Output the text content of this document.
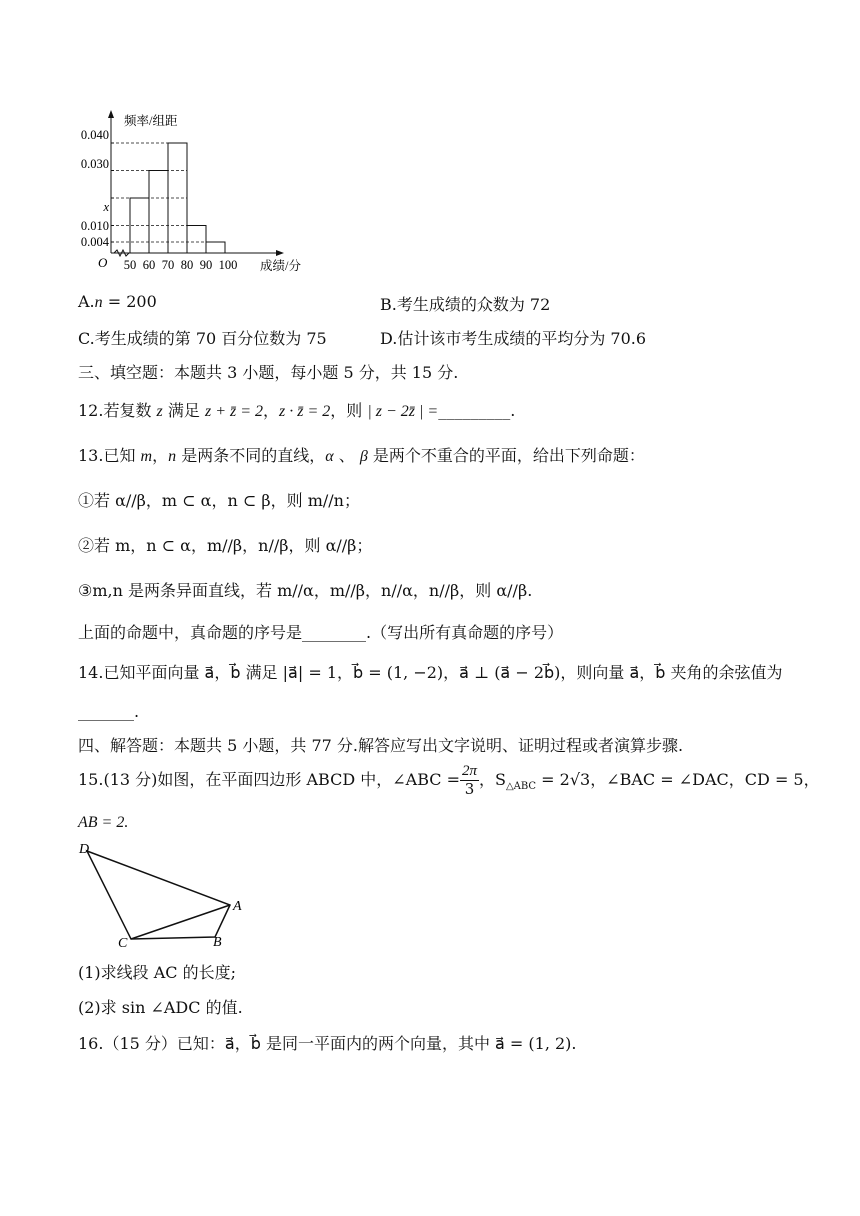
频率/组距
成绩/分
O
0.040
0.030
x
0.010
0.004
50 60 70 80 90 100
A.n = 200	B.考生成绩的众数为 72
C.考生成绩的第 70 百分位数为 75	D.估计该市考生成绩的平均分为 70.6
三、填空题：本题共 3 小题，每小题 5 分，共 15 分.
12.若复数 z 满足 z + z̄ = 2，z · z̄ = 2，则 | z − 2z̄ | =_________.
13.已知 m，n 是两条不同的直线，α 、 β 是两个不重合的平面，给出下列命题：
①若 α//β，m ⊂ α，n ⊂ β，则 m//n；
②若 m，n ⊂ α，m//β，n//β，则 α//β；
③m,n 是两条异面直线，若 m//α，m//β，n//α，n//β，则 α//β.
上面的命题中，真命题的序号是________.（写出所有真命题的序号）
14.已知平面向量 a⃗，b⃗ 满足 |a⃗| = 1，b⃗ = (1, −2)，a⃗ ⊥ (a⃗ − 2b⃗)，则向量 a⃗，b⃗ 夹角的余弦值为
_______.
四、解答题：本题共 5 小题，共 77 分.解答应写出文字说明、证明过程或者演算步骤.
15.(13 分)如图，在平面四边形 ABCD 中，∠ABC = $\frac{2\pi}{3}$ ，$S_{\triangle ABC} = 2√3$，∠BAC = ∠DAC，CD = 5，
AB = 2.
D
A
C	B
(1)求线段 AC 的长度;
(2)求 sin ∠ADC 的值.
16.（15 分）已知：a⃗，b⃗ 是同一平面内的两个向量，其中 a⃗ = (1, 2).
